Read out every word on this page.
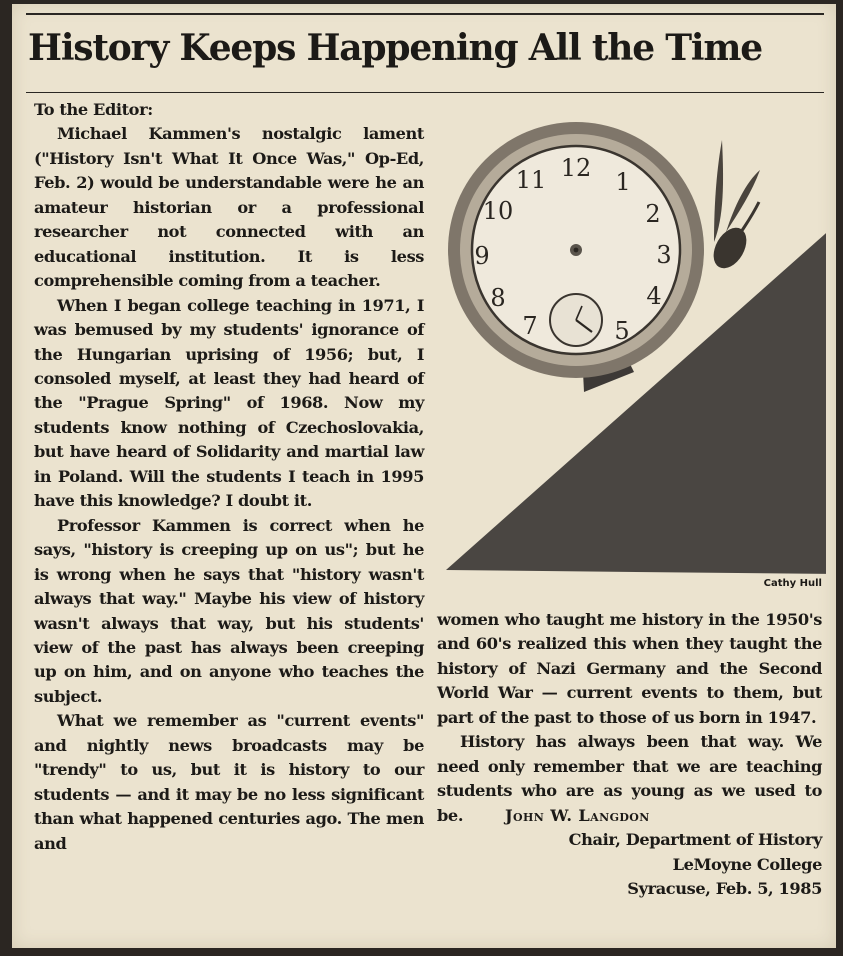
History Keeps Happening All the Time

To the Editor:

Michael Kammen's nostalgic lament ("History Isn't What It Once Was," Op-Ed, Feb. 2) would be understandable were he an amateur historian or a professional researcher not connected with an educational institution. It is less comprehensible coming from a teacher.

When I began college teaching in 1971, I was bemused by my students' ignorance of the Hungarian uprising of 1956; but, I consoled myself, at least they had heard of the "Prague Spring" of 1968. Now my students know nothing of Czechoslovakia, but have heard of Solidarity and martial law in Poland. Will the students I teach in 1995 have this knowledge? I doubt it.

Professor Kammen is correct when he says, "history is creeping up on us"; but he is wrong when he says that "history wasn't always that way." Maybe his view of history wasn't always that way, but his students' view of the past has always been creeping up on him, and on anyone who teaches the subject.

What we remember as "current events" and nightly news broadcasts may be "trendy" to us, but it is history to our students — and it may be no less significant than what happened centuries ago. The men and

12 1
2
3
4
5
7
8
9
10
11
Cathy Hull

women who taught me history in the 1950's and 60's realized this when they taught the history of Nazi Germany and the Second World War — current events to them, but part of the past to those of us born in 1947.

History has always been that way. We need only remember that we are teaching students who are as young as we used to be.	John W. Langdon

Chair, Department of History
LeMoyne College
Syracuse, Feb. 5, 1985
